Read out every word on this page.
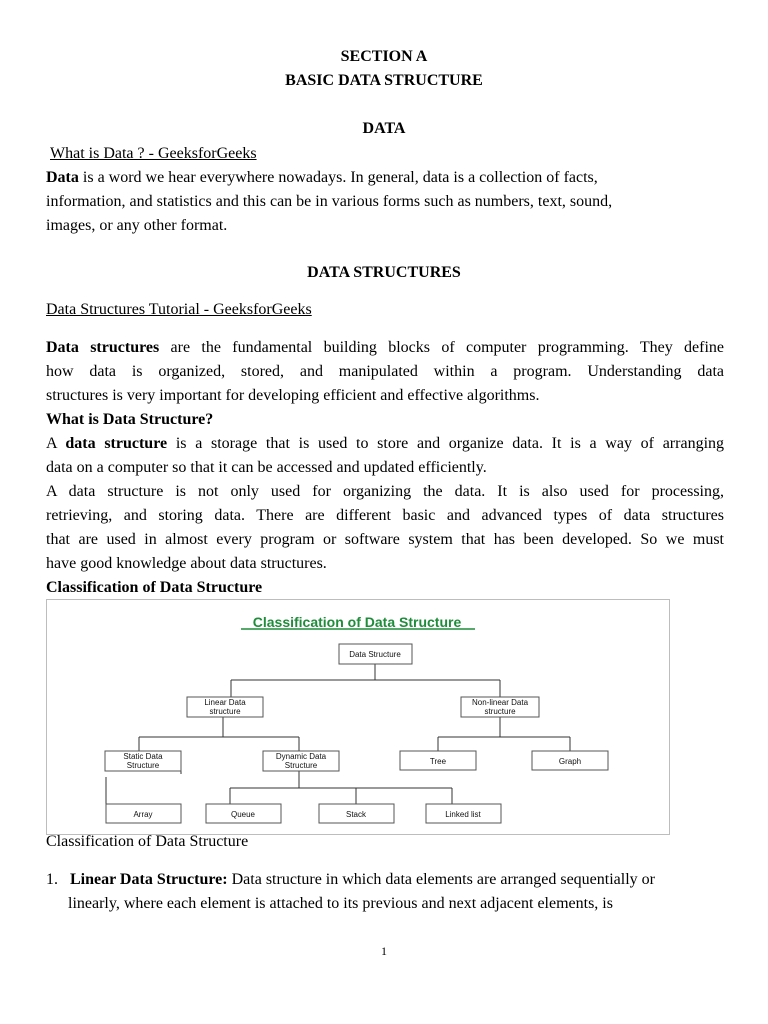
SECTION A
BASIC DATA STRUCTURE
DATA
What is Data ? - GeeksforGeeks
Data is a word we hear everywhere nowadays. In general, data is a collection of facts,
information, and statistics and this can be in various forms such as numbers, text, sound,
images, or any other format.
DATA STRUCTURES
Data Structures Tutorial - GeeksforGeeks
Data structures are the fundamental building blocks of computer programming. They define
how data is organized, stored, and manipulated within a program. Understanding data
structures is very important for developing efficient and effective algorithms.
What is Data Structure?
A data structure is a storage that is used to store and organize data. It is a way of arranging
data on a computer so that it can be accessed and updated efficiently.
A data structure is not only used for organizing the data. It is also used for processing,
retrieving, and storing data. There are different basic and advanced types of data structures
that are used in almost every program or software system that has been developed. So we must
have good knowledge about data structures.
Classification of Data Structure
Classification of Data Structure
Data Structure
Linear Data
structure
Non-linear Data
structure
Static Data
Structure
Dynamic Data
Structure	Tree	Graph
Array	Queue	Stack	Linked list
Classification of Data Structure
1. Linear Data Structure: Data structure in which data elements are arranged sequentially or
linearly, where each element is attached to its previous and next adjacent elements, is
1
